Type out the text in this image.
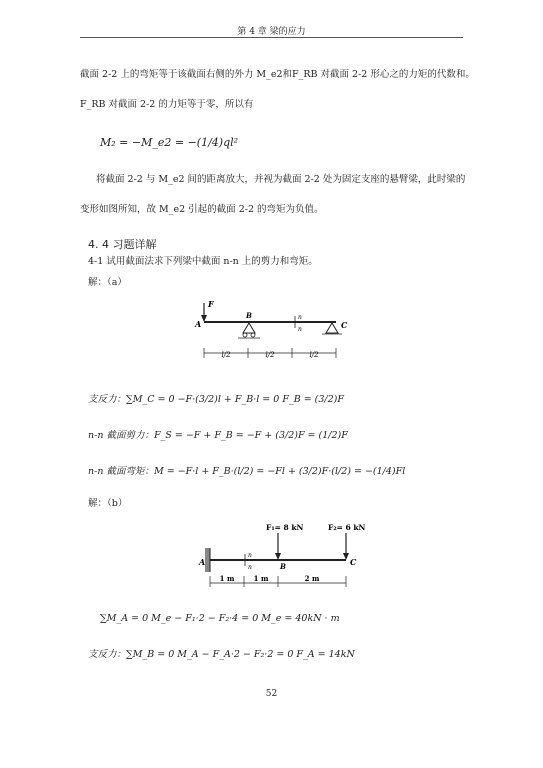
第 4 章 梁的应力
截面 2-2 上的弯矩等于该截面右侧的外力 M_e2和F_RB 对截面 2-2 形心之的力矩的代数和。
F_RB 对截面 2-2 的力矩等于零，所以有
M₂ = −M_e2 = −(1/4)ql²
将截面 2-2 与 M_e2 间的距离放大，并视为截面 2-2 处为固定支座的悬臂梁，此时梁的
变形如图所知，故 M_e2 引起的截面 2-2 的弯矩为负值。
4. 4 习题详解
4-1 试用截面法求下列梁中截面 n-n 上的剪力和弯矩。
解：（a）
F
A
B	n
n	C
l/2	l/2	l/2
支反力：∑M_C = 0 −F·(3/2)l + F_B·l = 0 F_B = (3/2)F
n-n 截面剪力：F_S = −F + F_B = −F + (3/2)F = (1/2)F
n-n 截面弯矩：M = −F·l + F_B·(l/2) = −Fl + (3/2)F·(l/2) = −(1/4)Fl
解：（b）
A
F₁= 8 kN	F₂= 6 kN
n
n	B	C
1 m	1 m	2 m
∑M_A = 0 M_e − F₁·2 − F₂·4 = 0 M_e = 40kN · m
支反力：∑M_B = 0 M_A − F_A·2 − F₂·2 = 0 F_A = 14kN
52
